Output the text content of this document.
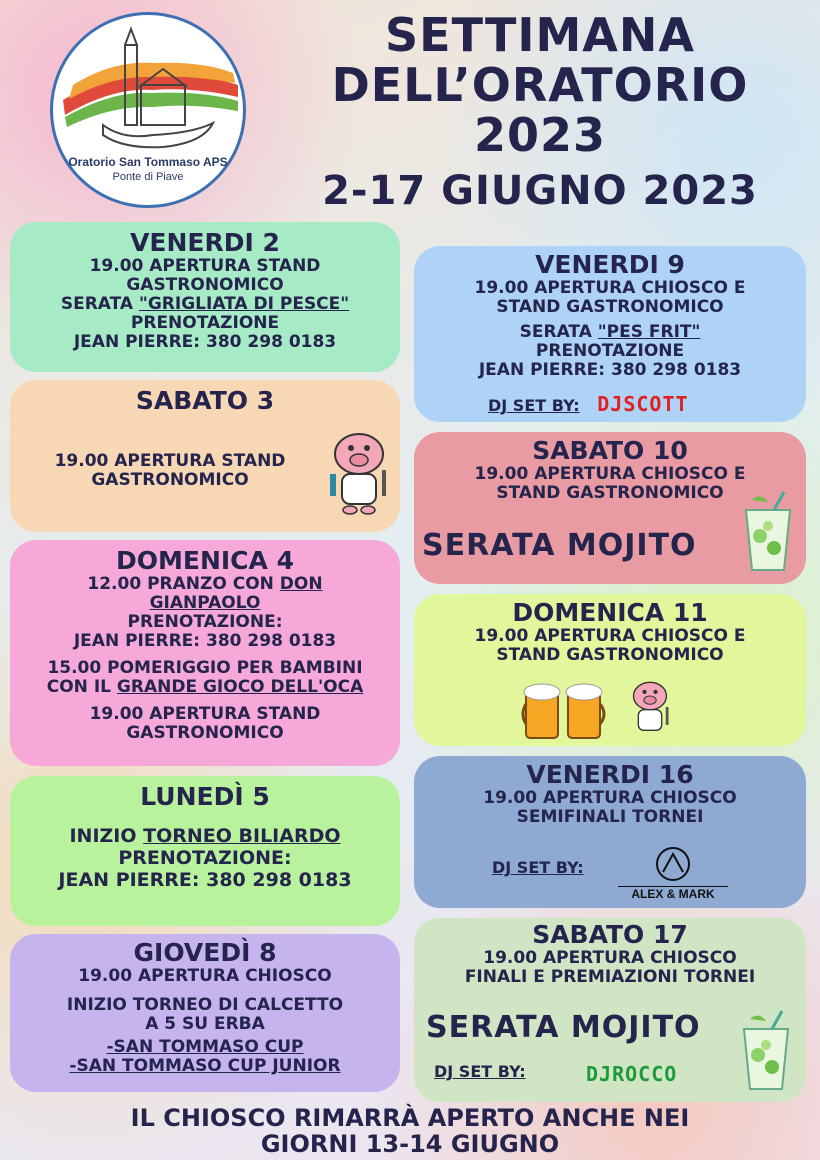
Oratorio San Tommaso APS
Ponte di Piave
SETTIMANA
DELL’ORATORIO
2023
2-17 GIUGNO 2023
VENERDI 2
19.00 APERTURA STAND
GASTRONOMICO
SERATA "GRIGLIATA DI PESCE"
PRENOTAZIONE
JEAN PIERRE: 380 298 0183
SABATO 3
19.00 APERTURA STAND
GASTRONOMICO
DOMENICA 4
12.00 PRANZO CON DON
GIANPAOLO
PRENOTAZIONE:
JEAN PIERRE: 380 298 0183
15.00 POMERIGGIO PER BAMBINI
CON IL GRANDE GIOCO DELL'OCA
19.00 APERTURA STAND
GASTRONOMICO
LUNEDÌ 5
INIZIO TORNEO BILIARDO
PRENOTAZIONE:
JEAN PIERRE: 380 298 0183
GIOVEDÌ 8
19.00 APERTURA CHIOSCO
INIZIO TORNEO DI CALCETTO
A 5 SU ERBA
-SAN TOMMASO CUP
-SAN TOMMASO CUP JUNIOR
VENERDI 9
19.00 APERTURA CHIOSCO E
STAND GASTRONOMICO
SERATA "PES FRIT"
PRENOTAZIONE
JEAN PIERRE: 380 298 0183
DJ SET BY: DJSCOTT
SABATO 10
19.00 APERTURA CHIOSCO E
STAND GASTRONOMICO
SERATA MOJITO
DOMENICA 11
19.00 APERTURA CHIOSCO E
STAND GASTRONOMICO
VENERDI 16
19.00 APERTURA CHIOSCO
SEMIFINALI TORNEI
DJ SET BY:
ALEX & MARK
SABATO 17
19.00 APERTURA CHIOSCO
FINALI E PREMIAZIONI TORNEI
SERATA MOJITO
DJ SET BY:	DJROCCO
IL CHIOSCO RIMARRÀ APERTO ANCHE NEI
GIORNI 13-14 GIUGNO
